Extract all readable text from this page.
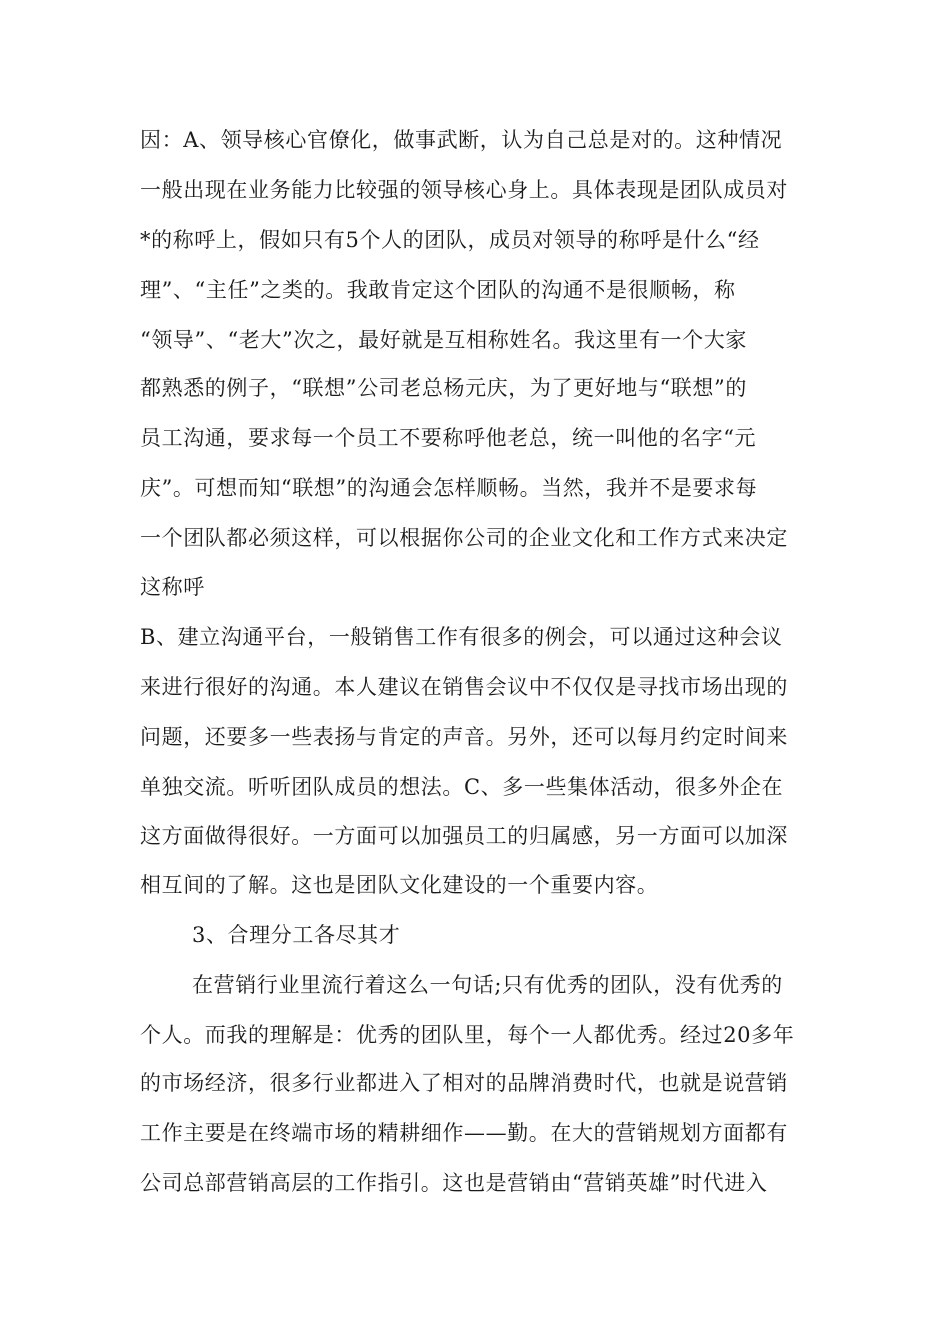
因：A、领导核心官僚化，做事武断，认为自己总是对的。这种情况
一般出现在业务能力比较强的领导核心身上。具体表现是团队成员对
*的称呼上，假如只有5个人的团队，成员对领导的称呼是什么“经
理”、“主任”之类的。我敢肯定这个团队的沟通不是很顺畅，称
“领导”、“老大”次之，最好就是互相称姓名。我这里有一个大家
都熟悉的例子，“联想”公司老总杨元庆，为了更好地与“联想”的
员工沟通，要求每一个员工不要称呼他老总，统一叫他的名字“元
庆”。可想而知“联想”的沟通会怎样顺畅。当然，我并不是要求每
一个团队都必须这样，可以根据你公司的企业文化和工作方式来决定
这称呼
B、建立沟通平台，一般销售工作有很多的例会，可以通过这种会议
来进行很好的沟通。本人建议在销售会议中不仅仅是寻找市场出现的
问题，还要多一些表扬与肯定的声音。另外，还可以每月约定时间来
单独交流。听听团队成员的想法。C、多一些集体活动，很多外企在
这方面做得很好。一方面可以加强员工的归属感，另一方面可以加深
相互间的了解。这也是团队文化建设的一个重要内容。
3、合理分工各尽其才
在营销行业里流行着这么一句话;只有优秀的团队，没有优秀的
个人。而我的理解是：优秀的团队里，每个一人都优秀。经过20多年
的市场经济，很多行业都进入了相对的品牌消费时代，也就是说营销
工作主要是在终端市场的精耕细作——勤。在大的营销规划方面都有
公司总部营销高层的工作指引。这也是营销由“营销英雄”时代进入
